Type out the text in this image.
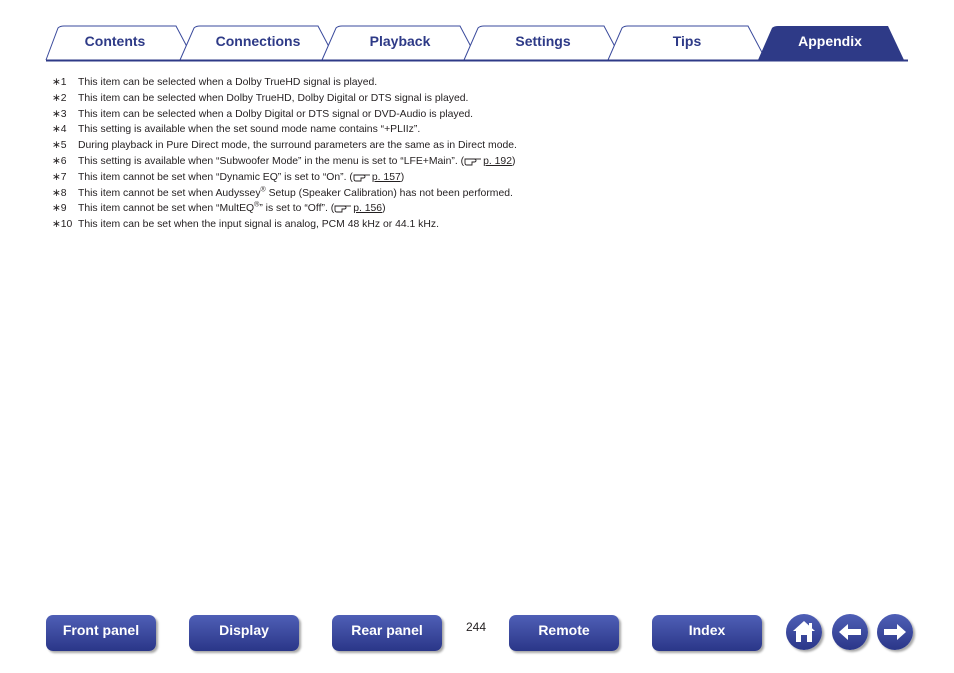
Contents	Connections	Playback	Settings	Tips	Appendix
∗1 This item can be selected when a Dolby TrueHD signal is played.
∗2 This item can be selected when Dolby TrueHD, Dolby Digital or DTS signal is played.
∗3 This item can be selected when a Dolby Digital or DTS signal or DVD-Audio is played.
∗4 This setting is available when the set sound mode name contains “+PLIIz”.
∗5 During playback in Pure Direct mode, the surround parameters are the same as in Direct mode.
∗6 This setting is available when “Subwoofer Mode” in the menu is set to “LFE+Main”. ( p. 192)
∗7 This item cannot be set when “Dynamic EQ” is set to “On”. ( p. 157)
∗8 This item cannot be set when Audyssey® Setup (Speaker Calibration) has not been performed.
∗9 This item cannot be set when “MultEQ®” is set to “Off”. ( p. 156)
∗10 This item can be set when the input signal is analog, PCM 48 kHz or 44.1 kHz.
Front panel	Display	Rear panel	244	Remote	Index
